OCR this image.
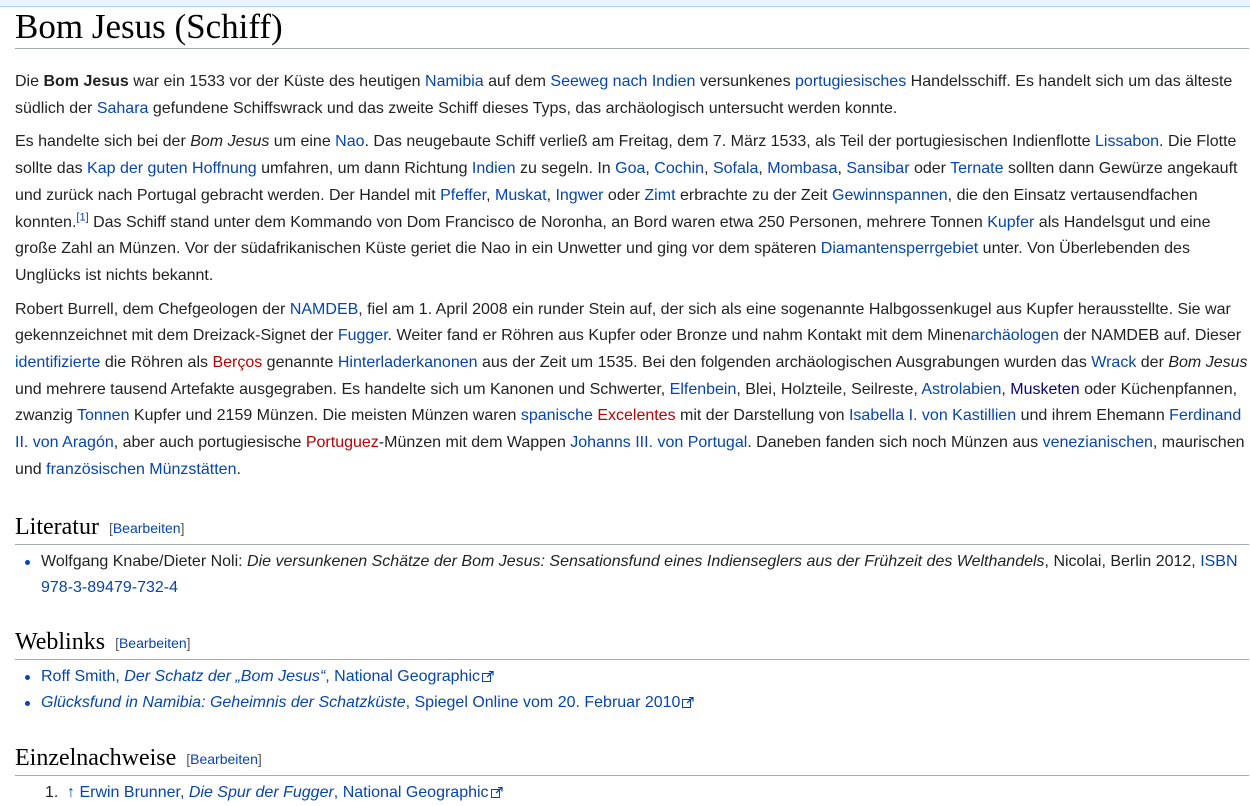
Bom Jesus (Schiff)

Die Bom Jesus war ein 1533 vor der Küste des heutigen Namibia auf dem Seeweg nach Indien versunkenes portugiesisches Handelsschiff. Es handelt sich um das älteste südlich der Sahara gefundene Schiffswrack und das zweite Schiff dieses Typs, das archäologisch untersucht werden konnte.

Es handelte sich bei der Bom Jesus um eine Nao. Das neugebaute Schiff verließ am Freitag, dem 7. März 1533, als Teil der portugiesischen Indienflotte Lissabon. Die Flotte sollte das Kap der guten Hoffnung umfahren, um dann Richtung Indien zu segeln. In Goa, Cochin, Sofala, Mombasa, Sansibar oder Ternate sollten dann Gewürze angekauft und zurück nach Portugal gebracht werden. Der Handel mit Pfeffer, Muskat, Ingwer oder Zimt erbrachte zu der Zeit Gewinnspannen, die den Einsatz vertausendfachen konnten.[1] Das Schiff stand unter dem Kommando von Dom Francisco de Noronha, an Bord waren etwa 250 Personen, mehrere Tonnen Kupfer als Handelsgut und eine große Zahl an Münzen. Vor der südafrikanischen Küste geriet die Nao in ein Unwetter und ging vor dem späteren Diamantensperrgebiet unter. Von Überlebenden des Unglücks ist nichts bekannt.

Robert Burrell, dem Chefgeologen der NAMDEB, fiel am 1. April 2008 ein runder Stein auf, der sich als eine sogenannte Halbgossenkugel aus Kupfer herausstellte. Sie war gekennzeichnet mit dem Dreizack-Signet der Fugger. Weiter fand er Röhren aus Kupfer oder Bronze und nahm Kontakt mit dem Minenarchäologen der NAMDEB auf. Dieser identifizierte die Röhren als Berços genannte Hinterladerkanonen aus der Zeit um 1535. Bei den folgenden archäologischen Ausgrabungen wurden das Wrack der Bom Jesus und mehrere tausend Artefakte ausgegraben. Es handelte sich um Kanonen und Schwerter, Elfenbein, Blei, Holzteile, Seilreste, Astrolabien, Musketen oder Küchenpfannen, zwanzig Tonnen Kupfer und 2159 Münzen. Die meisten Münzen waren spanische Excelentes mit der Darstellung von Isabella I. von Kastillien und ihrem Ehemann Ferdinand II. von Aragón, aber auch portugiesische Portuguez-Münzen mit dem Wappen Johanns III. von Portugal. Daneben fanden sich noch Münzen aus venezianischen, maurischen und französischen Münzstätten.

Literatur [Bearbeiten]
Wolfgang Knabe/Dieter Noli: Die versunkenen Schätze der Bom Jesus: Sensationsfund eines Indienseglers aus der Frühzeit des Welthandels, Nicolai, Berlin 2012, ISBN 978-3-89479-732-4
Weblinks [Bearbeiten]
Roff Smith, Der Schatz der „Bom Jesus“, National Geographic
Glücksfund in Namibia: Geheimnis der Schatzküste, Spiegel Online vom 20. Februar 2010
Einzelnachweise [Bearbeiten]
1. ↑ Erwin Brunner, Die Spur der Fugger, National Geographic
